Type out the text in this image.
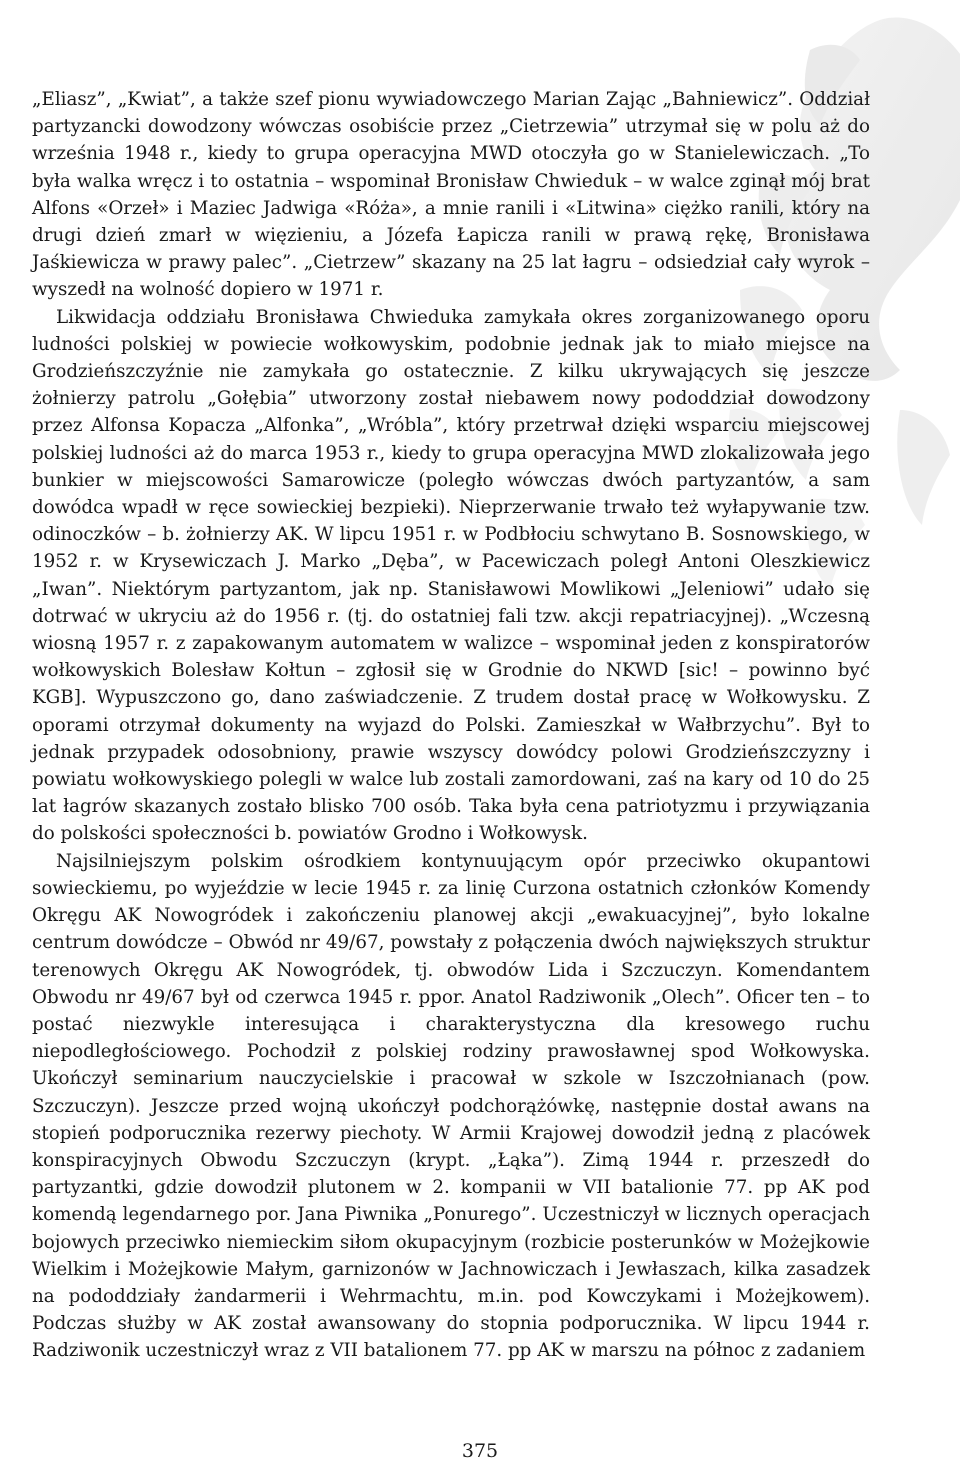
„Eliasz”, „Kwiat”, a także szef pionu wywiadowczego Marian Zając „Bahniewicz”. Oddział partyzancki dowodzony wówczas osobiście przez „Cietrzewia” utrzymał się w polu aż do września 1948 r., kiedy to grupa operacyjna MWD otoczyła go w Stanielewiczach. „To była walka wręcz i to ostatnia – wspominał Bronisław Chwieduk – w walce zginął mój brat Alfons «Orzeł» i Maziec Jadwiga «Róża», a mnie ranili i «Litwina» ciężko ranili, który na drugi dzień zmarł w więzieniu, a Józefa Łapicza ranili w prawą rękę, Bronisława Jaśkiewicza w prawy palec”. „Cietrzew” skazany na 25 lat łagru – odsiedział cały wyrok – wyszedł na wolność dopiero w 1971 r.

Likwidacja oddziału Bronisława Chwieduka zamykała okres zorganizowanego oporu ludności polskiej w powiecie wołkowyskim, podobnie jednak jak to miało miejsce na Grodzieńszczyźnie nie zamykała go ostatecznie. Z kilku ukrywających się jeszcze żołnierzy patrolu „Gołębia” utworzony został niebawem nowy pododdział dowodzony przez Alfonsa Kopacza „Alfonka”, „Wróbla”, który przetrwał dzięki wsparciu miejscowej polskiej ludności aż do marca 1953 r., kiedy to grupa operacyjna MWD zlokalizowała jego bunkier w miejscowości Samarowicze (poległo wówczas dwóch partyzantów, a sam dowódca wpadł w ręce sowieckiej bezpieki). Nieprzerwanie trwało też wyłapywanie tzw. odinoczków – b. żołnierzy AK. W lipcu 1951 r. w Podbłociu schwytano B. Sosnowskiego, w 1952 r. w Krysewiczach J. Marko „Dęba”, w Pacewiczach poległ Antoni Oleszkiewicz „Iwan”. Niektórym partyzantom, jak np. Stanisławowi Mowlikowi „Jeleniowi” udało się dotrwać w ukryciu aż do 1956 r. (tj. do ostatniej fali tzw. akcji repatriacyjnej). „Wczesną wiosną 1957 r. z zapakowanym automatem w walizce – wspominał jeden z konspiratorów wołkowyskich Bolesław Kołtun – zgłosił się w Grodnie do NKWD [sic! – powinno być KGB]. Wypuszczono go, dano zaświadczenie. Z trudem dostał pracę w Wołkowysku. Z oporami otrzymał dokumenty na wyjazd do Polski. Zamieszkał w Wałbrzychu”. Był to jednak przypadek odosobniony, prawie wszyscy dowódcy polowi Grodzieńszczyzny i powiatu wołkowyskiego polegli w walce lub zostali zamordowani, zaś na kary od 10 do 25 lat łagrów skazanych zostało blisko 700 osób. Taka była cena patriotyzmu i przywiązania do polskości społeczności b. powiatów Grodno i Wołkowysk.

Najsilniejszym polskim ośrodkiem kontynuującym opór przeciwko okupantowi sowieckiemu, po wyjeździe w lecie 1945 r. za linię Curzona ostatnich członków Komendy Okręgu AK Nowogródek i zakończeniu planowej akcji „ewakuacyjnej”, było lokalne centrum dowódcze – Obwód nr 49/67, powstały z połączenia dwóch największych struktur terenowych Okręgu AK Nowogródek, tj. obwodów Lida i Szczuczyn. Komendantem Obwodu nr 49/67 był od czerwca 1945 r. ppor. Anatol Radziwonik „Olech”. Oficer ten – to postać niezwykle interesująca i charakterystyczna dla kresowego ruchu niepodległościowego. Pochodził z polskiej rodziny prawosławnej spod Wołkowyska. Ukończył seminarium nauczycielskie i pracował w szkole w Iszczołnianach (pow. Szczuczyn). Jeszcze przed wojną ukończył podchorążówkę, następnie dostał awans na stopień podporucznika rezerwy piechoty. W Armii Krajowej dowodził jedną z placówek konspiracyjnych Obwodu Szczuczyn (krypt. „Łąka”). Zimą 1944 r. przeszedł do partyzantki, gdzie dowodził plutonem w 2. kompanii w VII batalionie 77. pp AK pod komendą legendarnego por. Jana Piwnika „Ponurego”. Uczestniczył w licznych operacjach bojowych przeciwko niemieckim siłom okupacyjnym (rozbicie posterunków w Możejkowie Wielkim i Możejkowie Małym, garnizonów w Jachnowiczach i Jewłaszach, kilka zasadzek na pododdziały żandarmerii i Wehrmachtu, m.in. pod Kowczykami i Możejkowem). Podczas służby w AK został awansowany do stopnia podporucznika. W lipcu 1944 r. Radziwonik uczestniczył wraz z VII batalionem 77. pp AK w marszu na północ z zadaniem

375
